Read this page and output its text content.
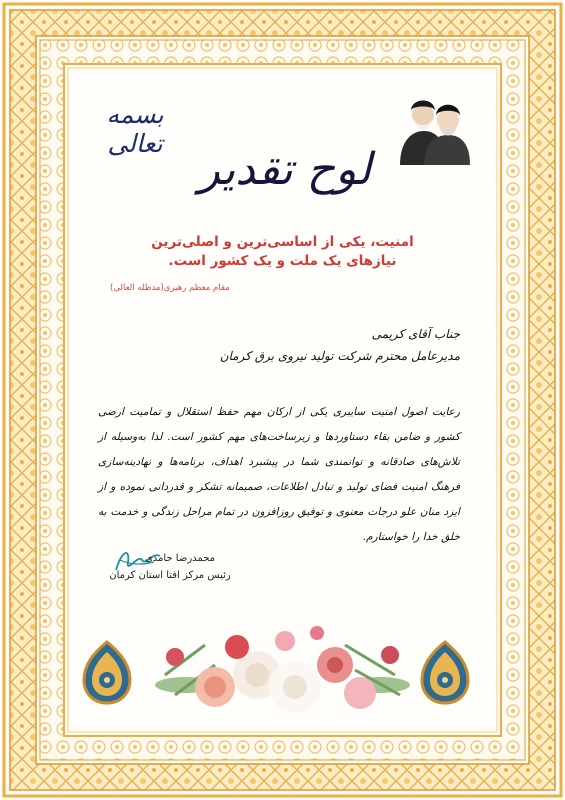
بسمه تعالی
لوح تقدیر
امنیت، یکی از اساسی‌ترین و اصلی‌ترین
نیازهای یک ملت و یک کشور است.
مقام معظم رهبری(مدظله العالی)
جناب آقای کریمی
مدیرعامل محترم شرکت تولید نیروی برق کرمان
رعایت اصول امنیت سایبری یکی از ارکان مهم حفظ استقلال و تمامیت ارضی کشور و ضامن بقاء دستاوردها و زیرساخت‌های مهم کشور است. لذا به‌وسیله از تلاش‌های صادقانه و توانمندی شما در پیشبرد اهداف، برنامه‌ها و نهادینه‌سازی فرهنگ امنیت فضای تولید و تبادل اطلاعات، صمیمانه تشکر و قدردانی نموده و از ایزد منان علو درجات معنوی و توفیق روزافزون در تمام مراحل زندگی و خدمت به خلق خدا را خواستارم.
محمدرضا حامدی
رئیس مرکز افتا استان کرمان
